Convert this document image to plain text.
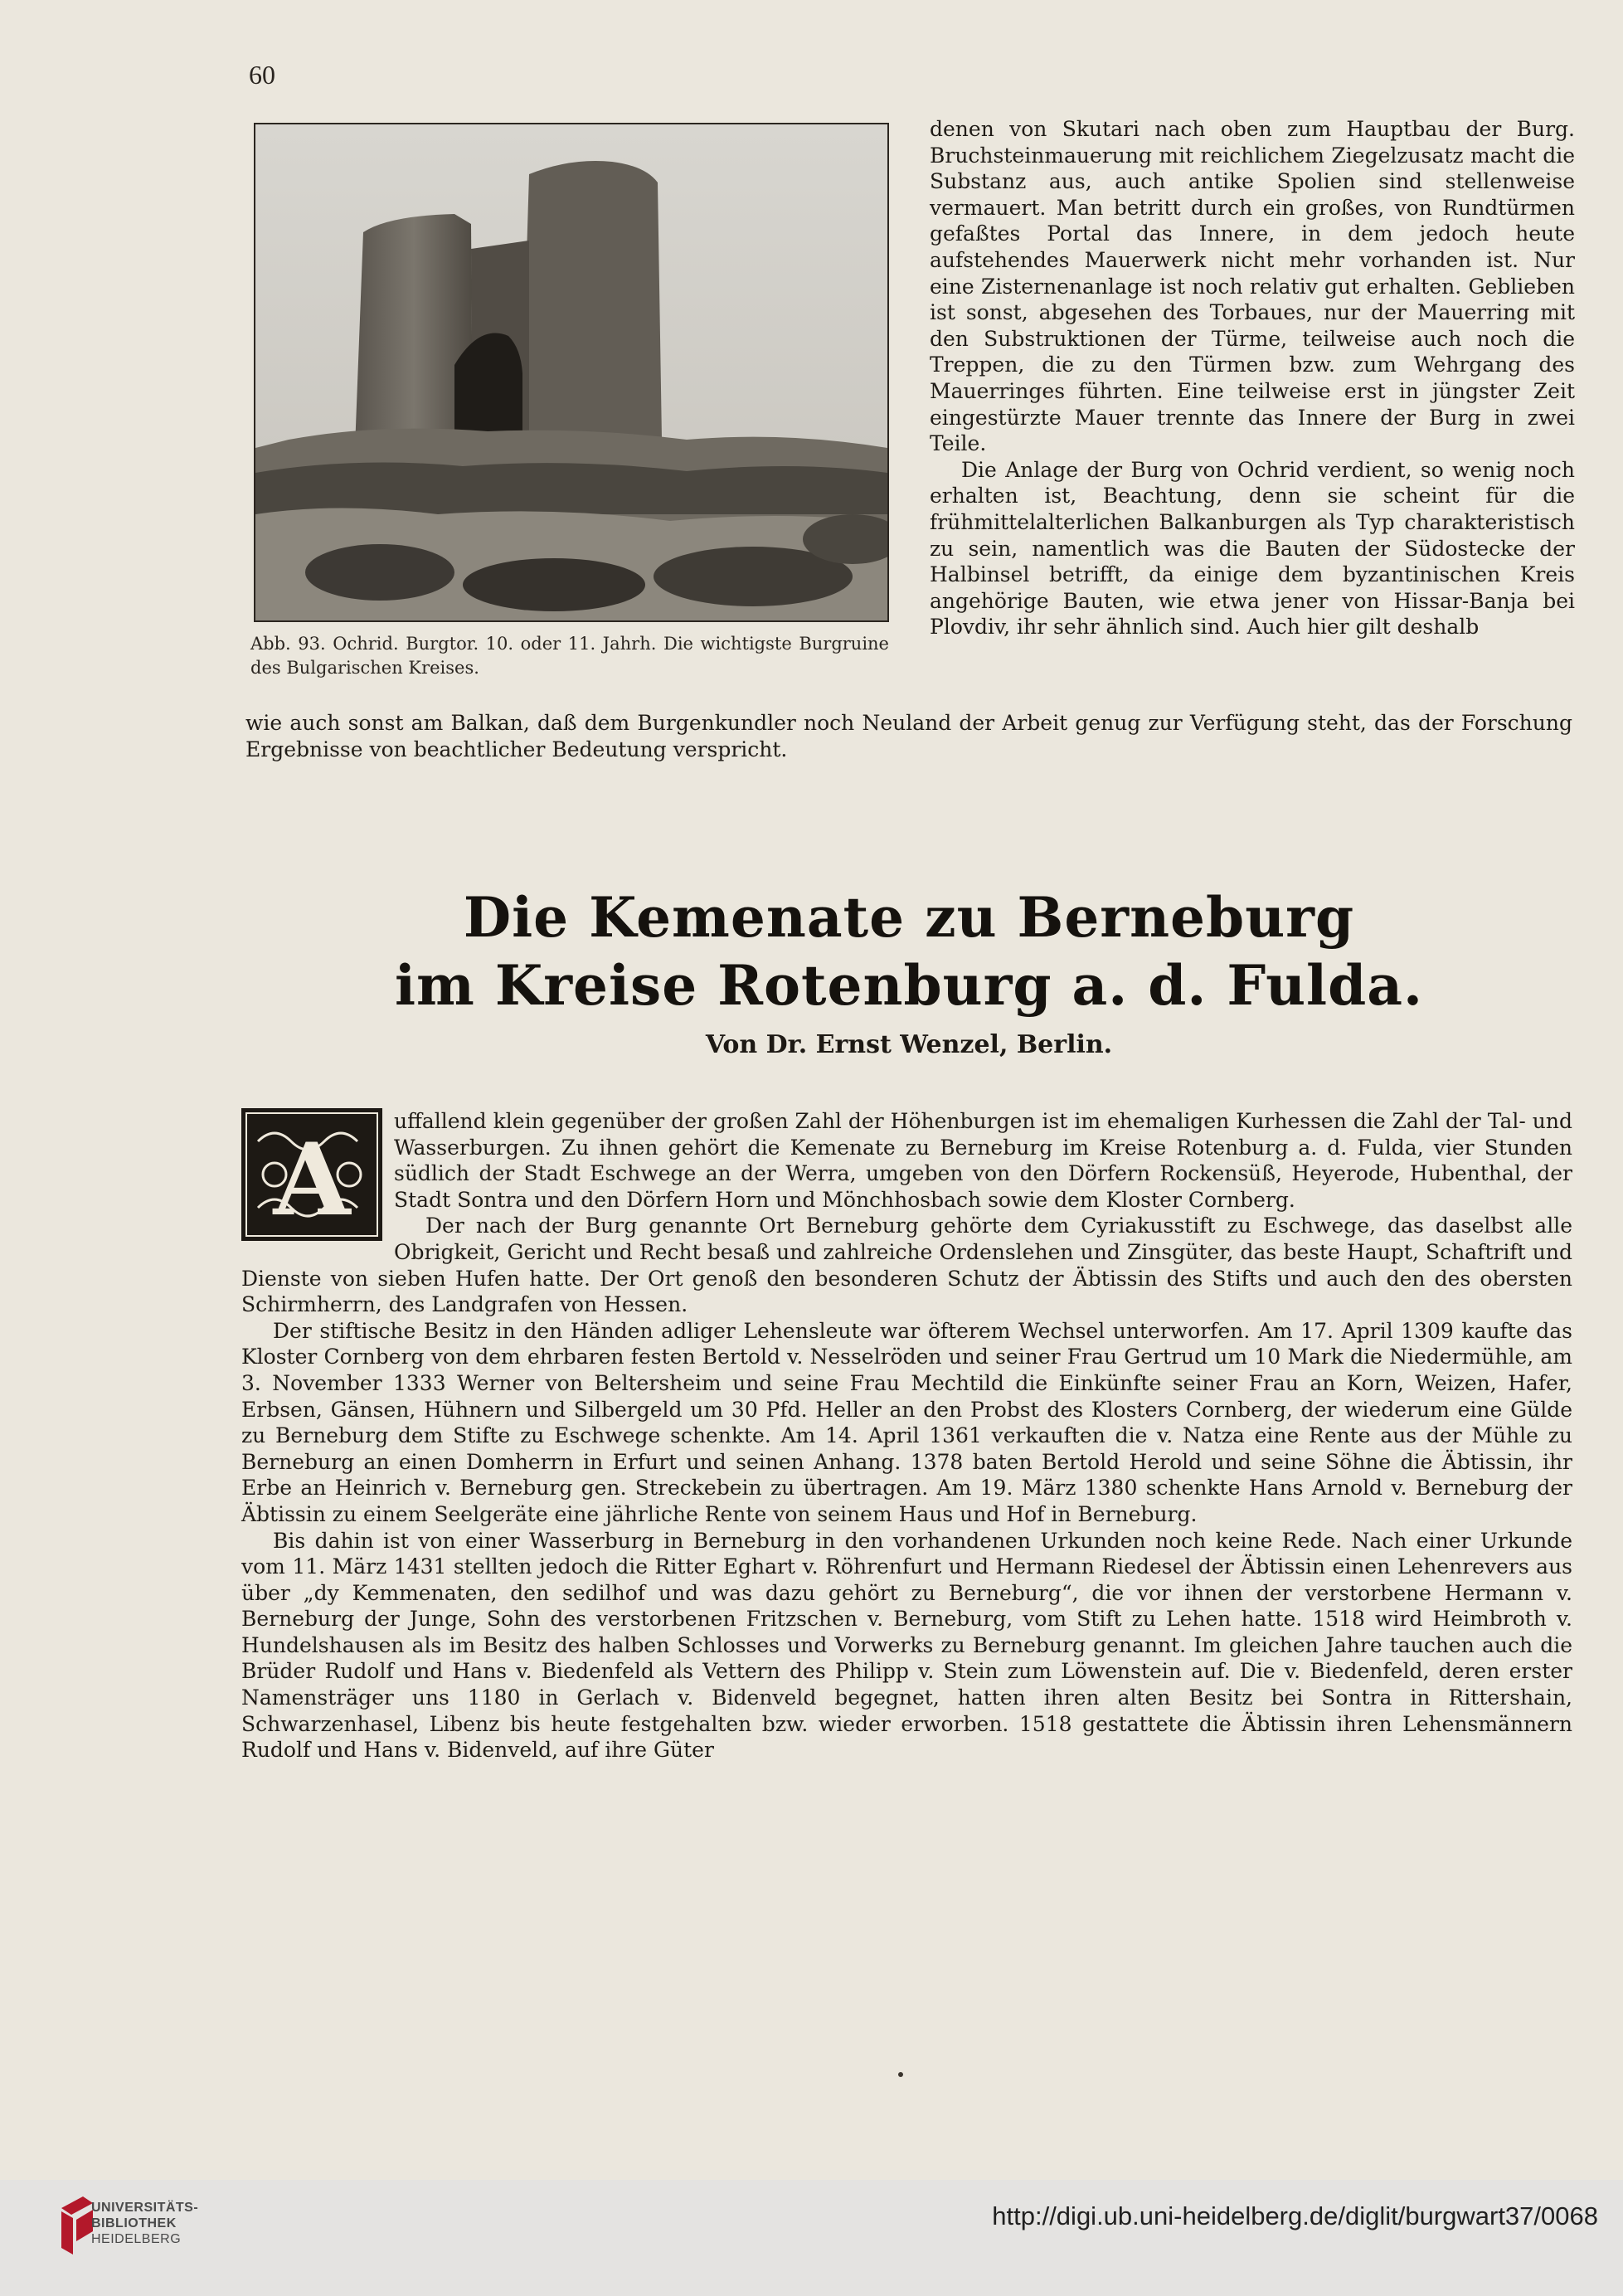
60
Abb. 93. Ochrid. Burgtor. 10. oder 11. Jahrh. Die wichtigste Burgruine des Bulgarischen Kreises.

denen von Skutari nach oben zum Hauptbau der Burg. Bruchsteinmauerung mit reichlichem Ziegelzusatz macht die Substanz aus, auch antike Spolien sind stellenweise vermauert. Man betritt durch ein großes, von Rundtürmen gefaßtes Portal das Innere, in dem jedoch heute aufstehendes Mauerwerk nicht mehr vorhanden ist. Nur eine Zisternenanlage ist noch relativ gut erhalten. Geblieben ist sonst, abgesehen des Torbaues, nur der Mauerring mit den Substruktionen der Türme, teilweise auch noch die Treppen, die zu den Türmen bzw. zum Wehrgang des Mauerringes führten. Eine teilweise erst in jüngster Zeit eingestürzte Mauer trennte das Innere der Burg in zwei Teile.

Die Anlage der Burg von Ochrid verdient, so wenig noch erhalten ist, Beachtung, denn sie scheint für die frühmittelalterlichen Balkanburgen als Typ charakteristisch zu sein, namentlich was die Bauten der Südostecke der Halbinsel betrifft, da einige dem byzantinischen Kreis angehörige Bauten, wie etwa jener von Hissar-Banja bei Plovdiv, ihr sehr ähnlich sind. Auch hier gilt deshalb

wie auch sonst am Balkan, daß dem Burgenkundler noch Neuland der Arbeit genug zur Verfügung steht, das der Forschung Ergebnisse von beachtlicher Bedeutung verspricht.

Die Kemenate zu Berneburg
im Kreise Rotenburg a. d. Fulda.
Von Dr. Ernst Wenzel, Berlin.
A

uffallend klein gegenüber der großen Zahl der Höhenburgen ist im ehemaligen Kurhessen die Zahl der Tal- und Wasserburgen. Zu ihnen gehört die Kemenate zu Berneburg im Kreise Rotenburg a. d. Fulda, vier Stunden südlich der Stadt Eschwege an der Werra, umgeben von den Dörfern Rockensüß, Heyerode, Hubenthal, der Stadt Sontra und den Dörfern Horn und Mönchhosbach sowie dem Kloster Cornberg.

Der nach der Burg genannte Ort Berneburg gehörte dem Cyriakusstift zu Eschwege, das daselbst alle Obrigkeit, Gericht und Recht besaß und zahlreiche Ordenslehen und Zinsgüter, das beste Haupt, Schaftrift und Dienste von sieben Hufen hatte. Der Ort genoß den besonderen Schutz der Äbtissin des Stifts und auch den des obersten Schirmherrn, des Landgrafen von Hessen.

Der stiftische Besitz in den Händen adliger Lehensleute war öfterem Wechsel unterworfen. Am 17. April 1309 kaufte das Kloster Cornberg von dem ehrbaren festen Bertold v. Nesselröden und seiner Frau Gertrud um 10 Mark die Niedermühle, am 3. November 1333 Werner von Beltersheim und seine Frau Mechtild die Einkünfte seiner Frau an Korn, Weizen, Hafer, Erbsen, Gänsen, Hühnern und Silbergeld um 30 Pfd. Heller an den Probst des Klosters Cornberg, der wiederum eine Gülde zu Berneburg dem Stifte zu Eschwege schenkte. Am 14. April 1361 verkauften die v. Natza eine Rente aus der Mühle zu Berneburg an einen Domherrn in Erfurt und seinen Anhang. 1378 baten Bertold Herold und seine Söhne die Äbtissin, ihr Erbe an Heinrich v. Berneburg gen. Streckebein zu übertragen. Am 19. März 1380 schenkte Hans Arnold v. Berneburg der Äbtissin zu einem Seelgeräte eine jährliche Rente von seinem Haus und Hof in Berneburg.

Bis dahin ist von einer Wasserburg in Berneburg in den vorhandenen Urkunden noch keine Rede. Nach einer Urkunde vom 11. März 1431 stellten jedoch die Ritter Eghart v. Röhrenfurt und Hermann Riedesel der Äbtissin einen Lehenrevers aus über „dy Kemmenaten, den sedilhof und was dazu gehört zu Berneburg“, die vor ihnen der verstorbene Hermann v. Berneburg der Junge, Sohn des verstorbenen Fritzschen v. Berneburg, vom Stift zu Lehen hatte. 1518 wird Heimbroth v. Hundelshausen als im Besitz des halben Schlosses und Vorwerks zu Berneburg genannt. Im gleichen Jahre tauchen auch die Brüder Rudolf und Hans v. Biedenfeld als Vettern des Philipp v. Stein zum Löwenstein auf. Die v. Biedenfeld, deren erster Namensträger uns 1180 in Gerlach v. Bidenveld begegnet, hatten ihren alten Besitz bei Sontra in Rittershain, Schwarzenhasel, Libenz bis heute festgehalten bzw. wieder erworben. 1518 gestattete die Äbtissin ihren Lehensmännern Rudolf und Hans v. Bidenveld, auf ihre Güter

UNIVERSITÄTS-
BIBLIOTHEK
HEIDELBERG
http://digi.ub.uni-heidelberg.de/diglit/burgwart37/0068
